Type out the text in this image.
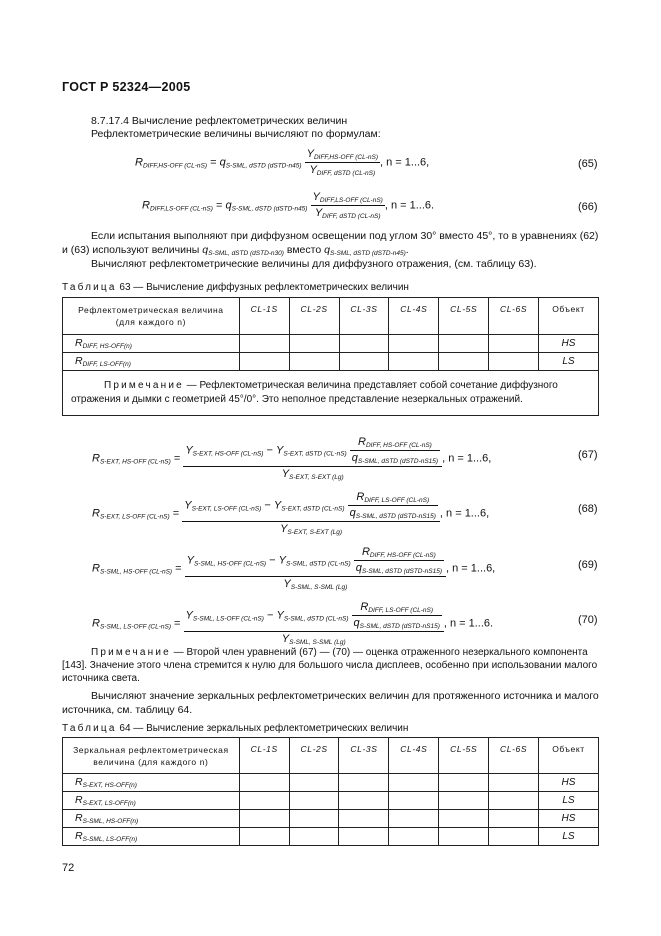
ГОСТ Р 52324—2005
8.7.17.4 Вычисление рефлектометрических величин
Рефлектометрические величины вычисляют по формулам:
$R_{DIFF,HS-OFF (CL-nS)} = q_{S-SML, dSTD (dSTD-n45)} \frac{Y_{DIFF,HS-OFF (CL-nS)}}{Y_{DIFF, dSTD (CL-nS)}}$ , n = 1...6,	(65)
$R_{DIFF,LS-OFF (CL-nS)} = q_{S-SML, dSTD (dSTD-n45)} \frac{Y_{DIFF,LS-OFF (CL-nS)}}{Y_{DIFF, dSTD (CL-nS)}}$ , n = 1...6.	(66)
Если испытания выполняют при диффузном освещении под углом 30° вместо 45°, то в уравнениях (62) и (63) используют величины $q_{S-SML, dSTD (dSTD-n30)}$ вместо $q_{S-SML, dSTD (dSTD-n45)}$.
Вычисляют рефлектометрические величины для диффузного отражения, (см. таблицу 63).
Таблица 63 — Вычисление диффузных рефлектометрических величин
Рефлектометрическая величина
(для каждого n)	CL-1S	CL-2S	CL-3S	CL-4S	CL-5S	CL-6S	Объект
$R_{DIFF, HS-OFF(n)}$							HS
$R_{DIFF, LS-OFF(n)}$							LS
Примечание — Рефлектометрическая величина представляет собой сочетание диффузного отражения и дымки с геометрией 45°/0°. Это неполное представление незеркальных отражений.							
$R_{S-EXT, HS-OFF (CL-nS)}$ =
$Y_{S-EXT, HS-OFF (CL-nS)} - Y_{S-EXT, dSTD (CL-nS)} \frac{R_{DIFF, HS-OFF (CL-nS)}}{q_{S-SML, dSTD (dSTD-nS15)}}$
$Y_{S-EXT, S-EXT (Lg)}$
, n = 1...6,	(67)
$R_{S-EXT, LS-OFF (CL-nS)}$ =
$Y_{S-EXT, LS-OFF (CL-nS)} - Y_{S-EXT, dSTD (CL-nS)} \frac{R_{DIFF, LS-OFF (CL-nS)}}{q_{S-SML, dSTD (dSTD-nS15)}}$
$Y_{S-EXT, S-EXT (Lg)}$
, n = 1...6,	(68)
$R_{S-SML, HS-OFF (CL-nS)}$ =
$Y_{S-SML, HS-OFF (CL-nS)} - Y_{S-SML, dSTD (CL-nS)} \frac{R_{DIFF, HS-OFF (CL-nS)}}{q_{S-SML, dSTD (dSTD-nS15)}}$
$Y_{S-SML, S-SML (Lg)}$
, n = 1...6,	(69)
$R_{S-SML, LS-OFF (CL-nS)}$ =
$Y_{S-SML, LS-OFF (CL-nS)} - Y_{S-SML, dSTD (CL-nS)} \frac{R_{DIFF, LS-OFF (CL-nS)}}{q_{S-SML, dSTD (dSTD-nS15)}}$
$Y_{S-SML, S-SML (Lg)}$
, n = 1...6.	(70)
Примечание — Второй член уравнений (67) — (70) — оценка отраженного незеркального компонента [143]. Значение этого члена стремится к нулю для большого числа дисплеев, особенно при использовании малого источника света.
Вычисляют значение зеркальных рефлектометрических величин для протяженного источника и малого источника, см. таблицу 64.
Таблица 64 — Вычисление зеркальных рефлектометрических величин
Зеркальная рефлектометрическая
величина (для каждого n)	CL-1S	CL-2S	CL-3S	CL-4S	CL-5S	CL-6S	Объект
$R_{S-EXT, HS-OFF(n)}$							HS
$R_{S-EXT, LS-OFF(n)}$							LS
$R_{S-SML, HS-OFF(n)}$							HS
$R_{S-SML, LS-OFF(n)}$							LS
72
